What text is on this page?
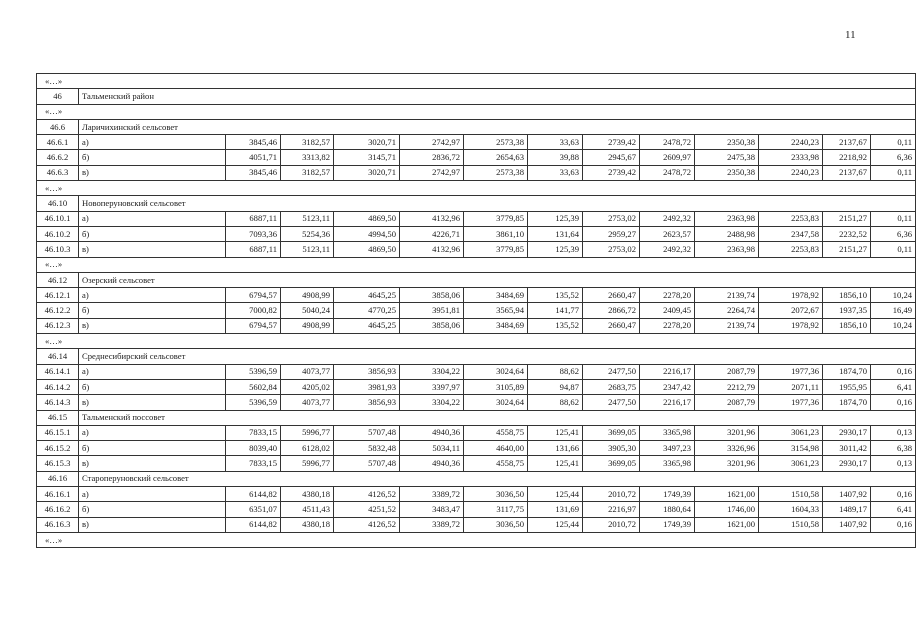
11
«…»													
46	Тальменский район												
«…»													
46.6	Ларичихинский сельсовет												
46.6.1	а)	3845,46	3182,57	3020,71	2742,97	2573,38	33,63	2739,42	2478,72	2350,38	2240,23	2137,67	0,11
46.6.2	б)	4051,71	3313,82	3145,71	2836,72	2654,63	39,88	2945,67	2609,97	2475,38	2333,98	2218,92	6,36
46.6.3	в)	3845,46	3182,57	3020,71	2742,97	2573,38	33,63	2739,42	2478,72	2350,38	2240,23	2137,67	0,11
«…»													
46.10	Новоперуновский сельсовет												
46.10.1	а)	6887,11	5123,11	4869,50	4132,96	3779,85	125,39	2753,02	2492,32	2363,98	2253,83	2151,27	0,11
46.10.2	б)	7093,36	5254,36	4994,50	4226,71	3861,10	131,64	2959,27	2623,57	2488,98	2347,58	2232,52	6,36
46.10.3	в)	6887,11	5123,11	4869,50	4132,96	3779,85	125,39	2753,02	2492,32	2363,98	2253,83	2151,27	0,11
«…»													
46.12	Озерский сельсовет												
46.12.1	а)	6794,57	4908,99	4645,25	3858,06	3484,69	135,52	2660,47	2278,20	2139,74	1978,92	1856,10	10,24
46.12.2	б)	7000,82	5040,24	4770,25	3951,81	3565,94	141,77	2866,72	2409,45	2264,74	2072,67	1937,35	16,49
46.12.3	в)	6794,57	4908,99	4645,25	3858,06	3484,69	135,52	2660,47	2278,20	2139,74	1978,92	1856,10	10,24
«…»													
46.14	Среднесибирский сельсовет												
46.14.1	а)	5396,59	4073,77	3856,93	3304,22	3024,64	88,62	2477,50	2216,17	2087,79	1977,36	1874,70	0,16
46.14.2	б)	5602,84	4205,02	3981,93	3397,97	3105,89	94,87	2683,75	2347,42	2212,79	2071,11	1955,95	6,41
46.14.3	в)	5396,59	4073,77	3856,93	3304,22	3024,64	88,62	2477,50	2216,17	2087,79	1977,36	1874,70	0,16
46.15	Тальменский поссовет												
46.15.1	а)	7833,15	5996,77	5707,48	4940,36	4558,75	125,41	3699,05	3365,98	3201,96	3061,23	2930,17	0,13
46.15.2	б)	8039,40	6128,02	5832,48	5034,11	4640,00	131,66	3905,30	3497,23	3326,96	3154,98	3011,42	6,38
46.15.3	в)	7833,15	5996,77	5707,48	4940,36	4558,75	125,41	3699,05	3365,98	3201,96	3061,23	2930,17	0,13
46.16	Староперуновский сельсовет												
46.16.1	а)	6144,82	4380,18	4126,52	3389,72	3036,50	125,44	2010,72	1749,39	1621,00	1510,58	1407,92	0,16
46.16.2	б)	6351,07	4511,43	4251,52	3483,47	3117,75	131,69	2216,97	1880,64	1746,00	1604,33	1489,17	6,41
46.16.3	в)	6144,82	4380,18	4126,52	3389,72	3036,50	125,44	2010,72	1749,39	1621,00	1510,58	1407,92	0,16
«…»													
